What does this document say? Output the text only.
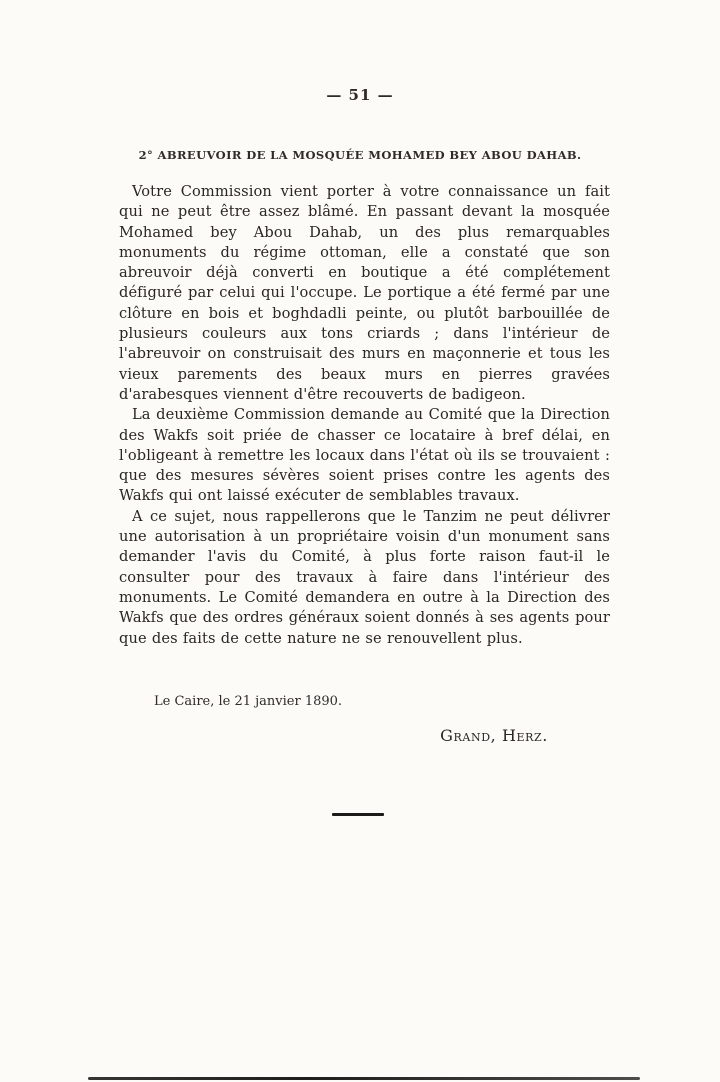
— 51 —
2° ABREUVOIR DE LA MOSQUÉE MOHAMED BEY ABOU DAHAB.

Votre Commission vient porter à votre connaissance un fait qui ne peut être assez blâmé. En passant devant la mosquée Mohamed bey Abou Dahab, un des plus remarquables monuments du régime ottoman, elle a constaté que son abreuvoir déjà converti en boutique a été complétement défiguré par celui qui l'occupe. Le portique a été fermé par une clôture en bois et boghdadli peinte, ou plutôt barbouillée de plusieurs couleurs aux tons criards ; dans l'intérieur de l'abreuvoir on construisait des murs en maçonnerie et tous les vieux parements des beaux murs en pierres gravées d'arabesques viennent d'être recouverts de badigeon.

La deuxième Commission demande au Comité que la Direction des Wakfs soit priée de chasser ce locataire à bref délai, en l'obligeant à remettre les locaux dans l'état où ils se trouvaient : que des mesures sévères soient prises contre les agents des Wakfs qui ont laissé exécuter de semblables travaux.

A ce sujet, nous rappellerons que le Tanzim ne peut délivrer une autorisation à un propriétaire voisin d'un monument sans demander l'avis du Comité, à plus forte raison faut-il le consulter pour des travaux à faire dans l'intérieur des monuments. Le Comité demandera en outre à la Direction des Wakfs que des ordres généraux soient donnés à ses agents pour que des faits de cette nature ne se renouvellent plus.

Le Caire, le 21 janvier 1890.
Grand, Herz.
